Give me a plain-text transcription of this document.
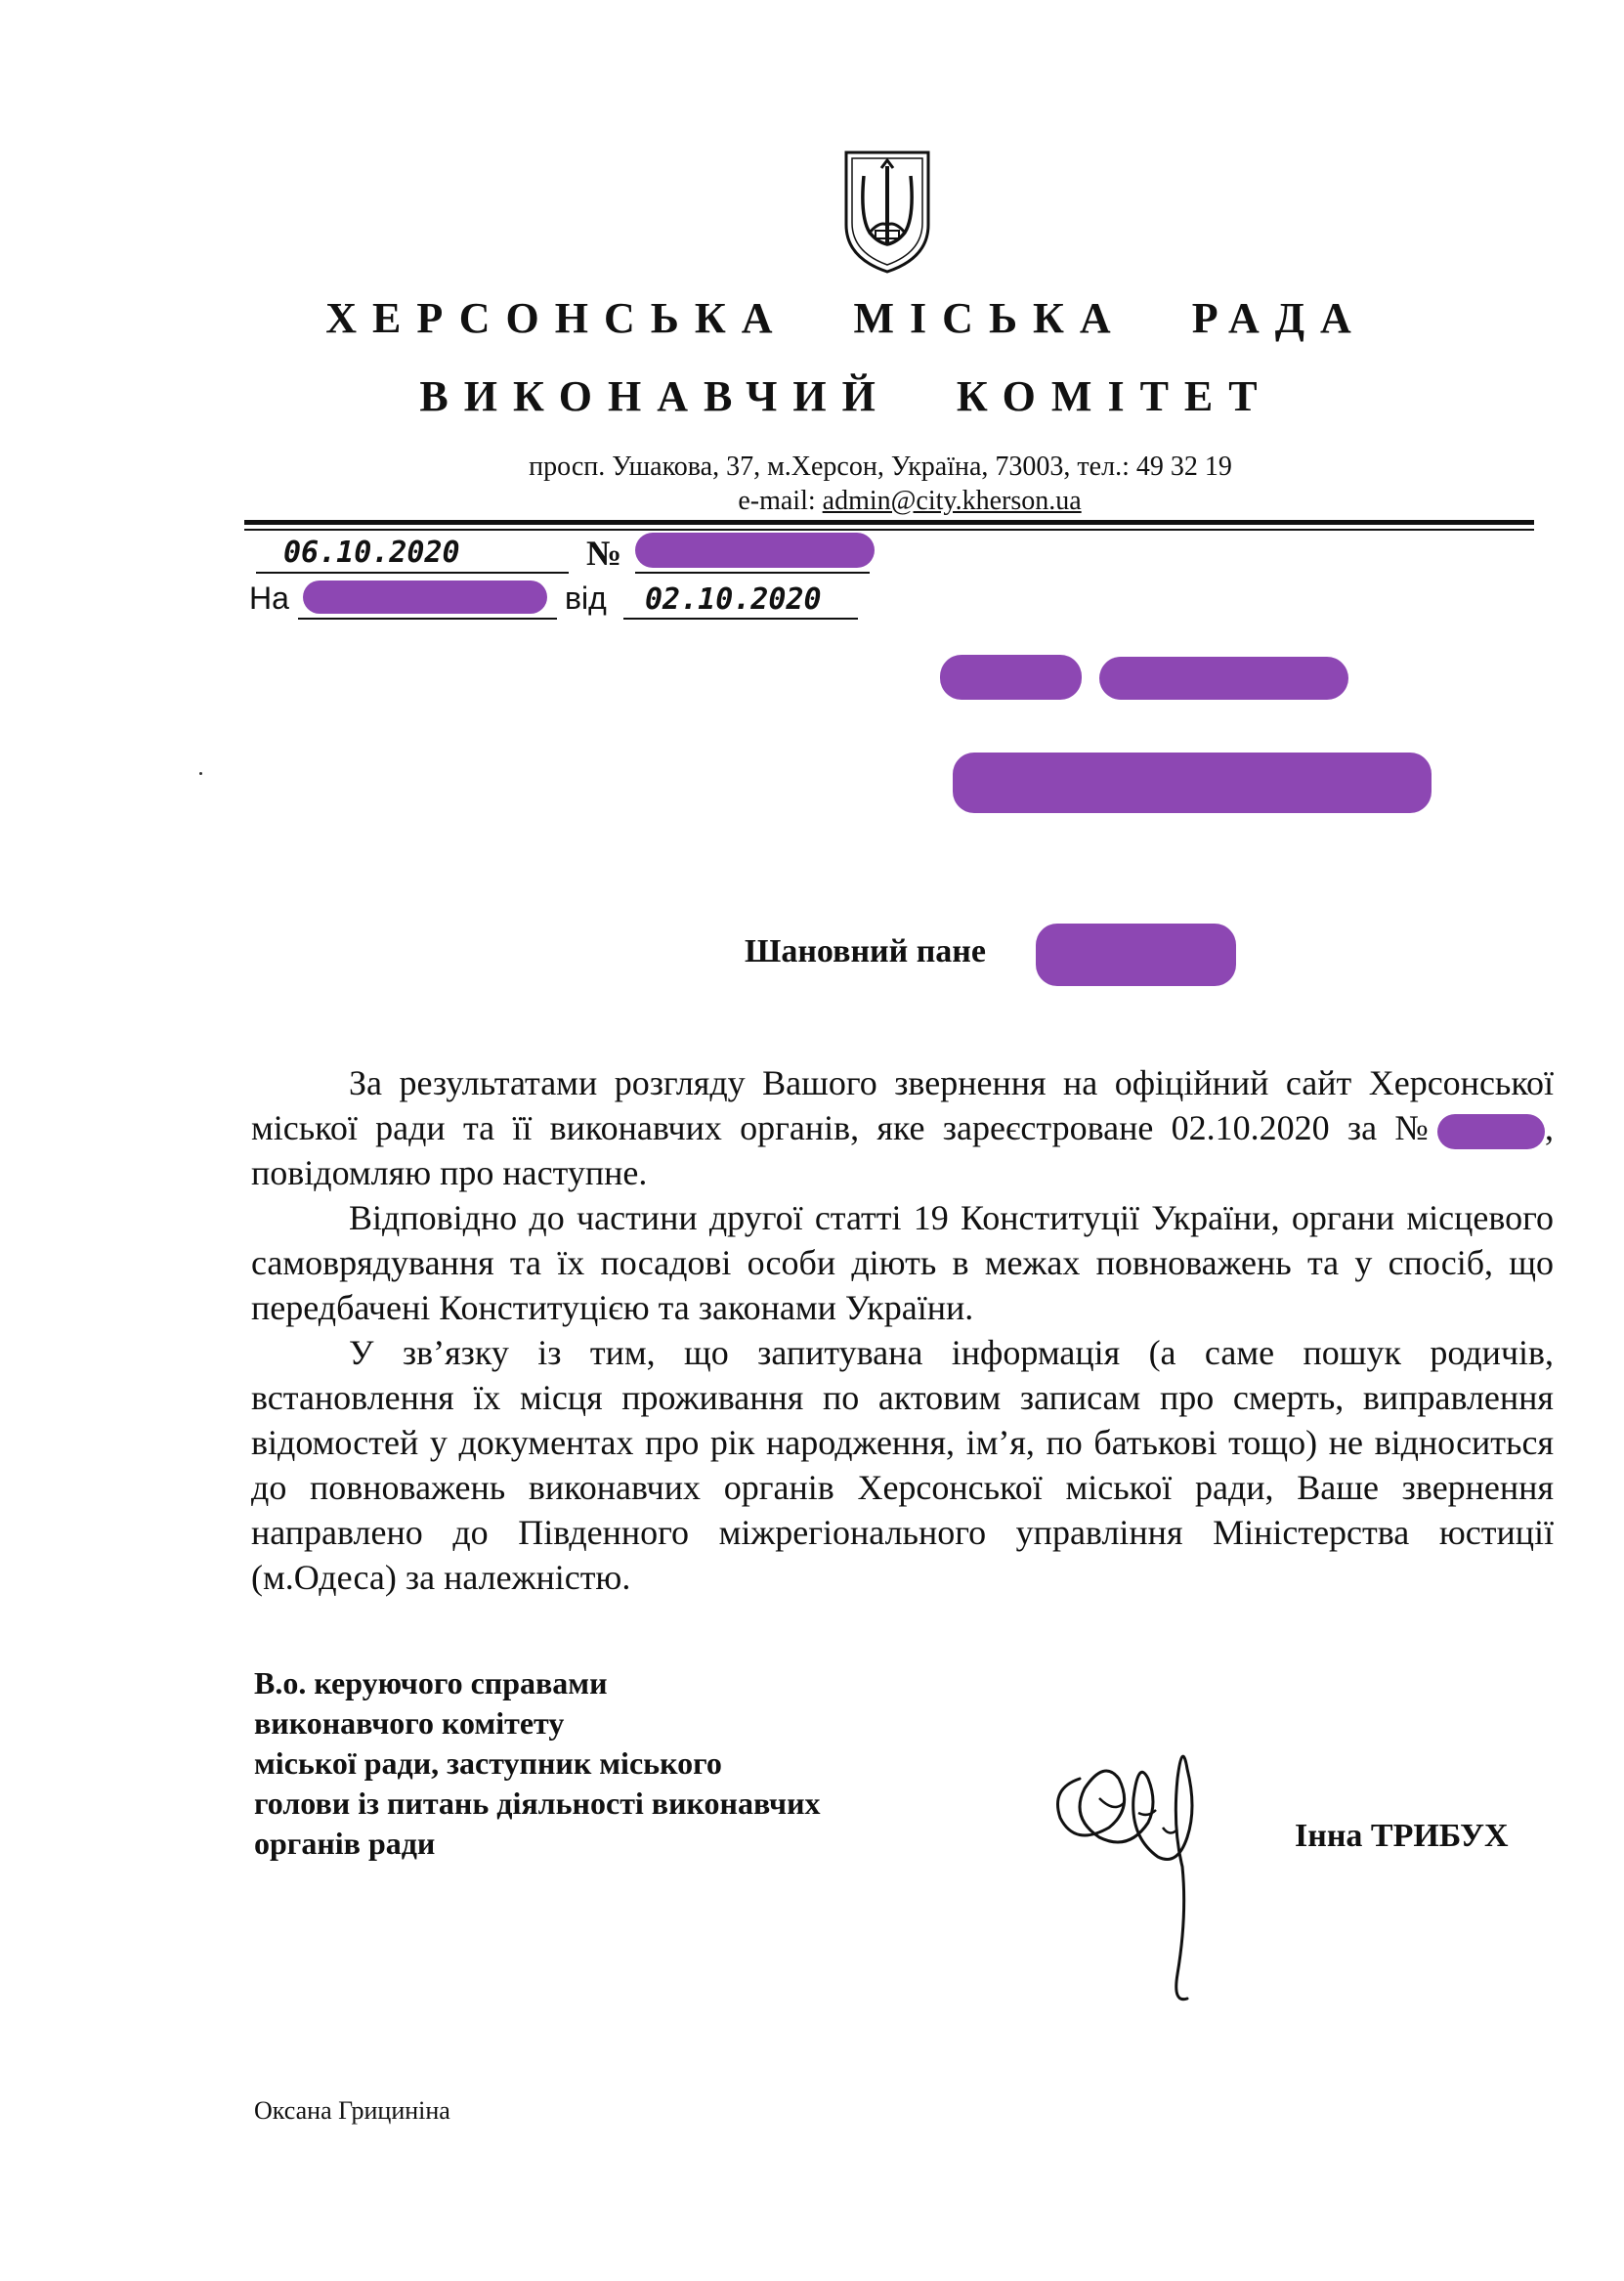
ХЕРСОНСЬКА МІСЬКА РАДА
ВИКОНАВЧИЙ КОМІТЕТ
просп. Ушакова, 37, м.Херсон, Україна, 73003, тел.: 49 32 19
e-mail: admin@city.kherson.ua
06.10.2020	№
На	від 02.10.2020
Шановний пане

За результатами розгляду Вашого звернення на офіційний сайт Херсонської міської ради та її виконавчих органів, яке зареєстроване 02.10.2020 за №	, повідомляю про наступне.

Відповідно до частини другої статті 19 Конституції України, органи місцевого самоврядування та їх посадові особи діють в межах повноважень та у спосіб, що передбачені Конституцією та законами України.

У зв’язку із тим, що запитувана інформація (а саме пошук родичів, встановлення їх місця проживання по актовим записам про смерть, виправлення відомостей у документах про рік народження, ім’я, по батькові тощо) не відноситься до повноважень виконавчих органів Херсонської міської ради, Ваше звернення направлено до Південного міжрегіонального управління Міністерства юстиції (м.Одеса) за належністю.

В.о. керуючого справами
виконавчого комітету
міської ради, заступник міського
голови із питань діяльності виконавчих
органів ради	Інна ТРИБУХ
Оксана Грициніна
